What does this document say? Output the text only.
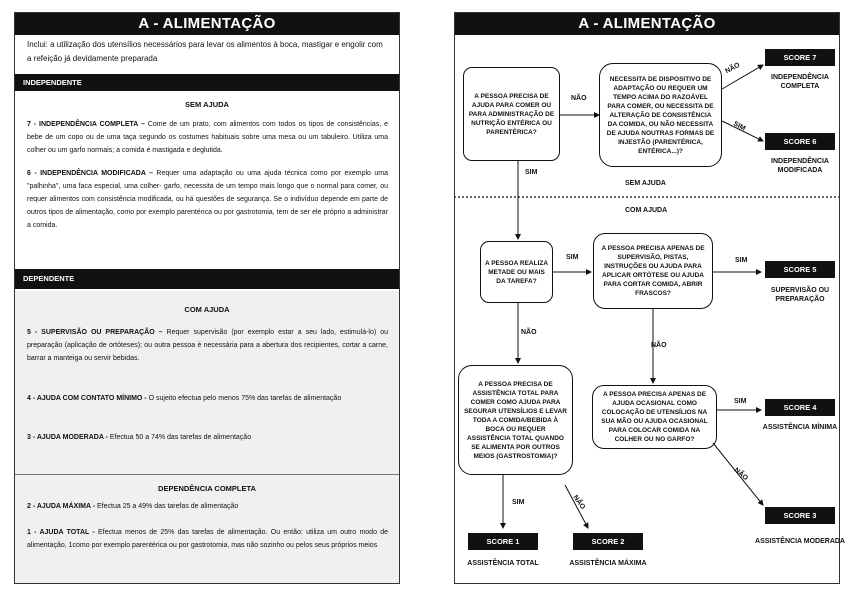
A - ALIMENTAÇÃO
Inclui: a utilização dos utensílios necessários para levar os alimentos à boca, mastigar e engolir com a refeição já devidamente preparada
INDEPENDENTE
SEM AJUDA
7 - INDEPENDÊNCIA COMPLETA – Come de um prato, com alimentos com todos os tipos de consistências, e bebe de um copo ou de uma taça segundo os costumes habituais sobre uma mesa ou um tabuleiro. Utiliza uma colher ou um garfo normais; a comida é mastigada e deglutida.
6 - INDEPENDÊNCIA MODIFICADA – Requer uma adaptação ou uma ajuda técnica como por exemplo uma "palhinha", uma faca especial, uma colher- garfo, necessita de um tempo mais longo que o normal para comer, ou requer alimentos com consistência modificada, ou há questões de segurança. Se o indivíduo depende em parte de outros tipos de alimentação, como por exemplo parentérica ou por gastrotomia, tem de ser ele próprio a administrar a comida.
DEPENDENTE
COM AJUDA
5 - SUPERVISÃO OU PREPARAÇÃO – Requer supervisão (por exemplo estar a seu lado, estimulá-lo) ou preparação (aplicação de ortóteses); ou outra pessoa é necessária para a abertura dos recipientes, cortar a carne, barrar a manteiga ou servir bebidas.
4 - AJUDA COM CONTATO MÍNIMO - O sujeito efectua pelo menos 75% das tarefas de alimentação
3 - AJUDA MODERADA - Efectua 50 a 74% das tarefas de alimentação
DEPENDÊNCIA COMPLETA
2 - AJUDA MÁXIMA - Efectua 25 a 49% das tarefas de alimentação
1 - AJUDA TOTAL - Efectua menos de 25% das tarefas de alimentação. Ou então: utiliza um outro modo de alimentação, 1como por exemplo parentérica ou por gastrotomia, mas não sozinho ou pelos seus próprios meios
A - ALIMENTAÇÃO
A PESSOA PRECISA DE AJUDA PARA COMER OU PARA ADMINISTRAÇÃO DE NUTRIÇÃO ENTÉRICA OU PARENTÉRICA?
NECESSITA DE DISPOSITIVO DE ADAPTAÇÃO OU REQUER UM TEMPO ACIMA DO RAZOÁVEL PARA COMER, OU NECESSITA DE ALTERAÇÃO DE CONSISTÊNCIA DA COMIDA, OU NÃO NECESSITA DE AJUDA NOUTRAS FORMAS DE INJESTÃO (PARENTÉRICA, ENTÉRICA...)?
A PESSOA REALIZA METADE OU MAIS DA TAREFA?
A PESSOA PRECISA APENAS DE SUPERVISÃO, PISTAS, INSTRUÇÕES OU AJUDA PARA APLICAR ORTÓTESE OU AJUDA PARA CORTAR COMIDA, ABRIR FRASCOS?
A PESSOA PRECISA APENAS DE AJUDA OCASIONAL COMO COLOCAÇÃO DE UTENSÍLIOS NA SUA MÃO OU AJUDA OCASIONAL PARA COLOCAR COMIDA NA COLHER OU NO GARFO?
A PESSOA PRECISA DE ASSISTÊNCIA TOTAL PARA COMER COMO AJUDA PARA SEGURAR UTENSÍLIOS E LEVAR TODA A COMIDA/BEBIDA À BOCA OU REQUER ASSISTÊNCIA TOTAL QUANDO SE ALIMENTA POR OUTROS MEIOS (GASTROSTOMIA)?
NÃO
NÃO
SIM
SIM
SEM AJUDA
COM AJUDA
SIM	SIM
NÃO
NÃO
SIM
NÃO
SIM	NÃO
SCORE 7
INDEPENDÊNCIA COMPLETA
SCORE 6
INDEPENDÊNCIA MODIFICADA
SCORE 5
SUPERVISÃO OU PREPARAÇÃO
SCORE 4
ASSISTÊNCIA MÍNIMA
SCORE 3
ASSISTÊNCIA MODERADA
SCORE 1
ASSISTÊNCIA TOTAL
SCORE 2
ASSISTÊNCIA MÁXIMA
